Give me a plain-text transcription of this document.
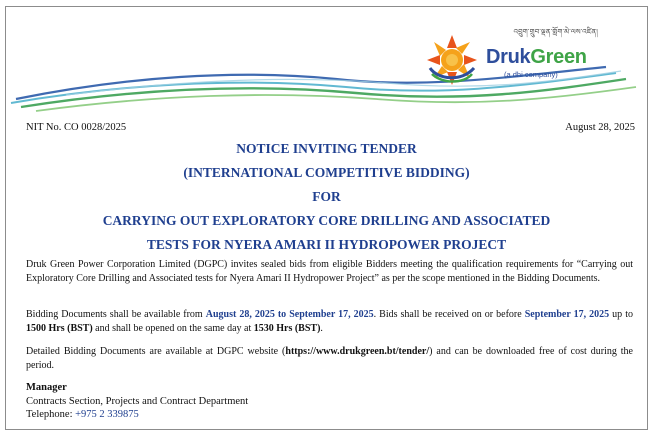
འབྲུག་གྲུབ་ལྡན་གློག་མེ་ལས་འཛིན།
DrukGreen
(a dhi company)
NIT No. CO 0028/2025	August 28, 2025
NOTICE INVITING TENDER
(INTERNATIONAL COMPETITIVE BIDDING)
FOR
CARRYING OUT EXPLORATORY CORE DRILLING AND ASSOCIATED
TESTS FOR NYERA AMARI II HYDROPOWER PROJECT
Druk Green Power Corporation Limited (DGPC) invites sealed bids from eligible Bidders meeting the qualification requirements for “Carrying out Exploratory Core Drilling and Associated tests for Nyera Amari II Hydropower Project” as per the scope mentioned in the Bidding Documents.
Bidding Documents shall be available from August 28, 2025 to September 17, 2025. Bids shall be received on or before September 17, 2025 up to 1500 Hrs (BST) and shall be opened on the same day at 1530 Hrs (BST).
Detailed Bidding Documents are available at DGPC website (https://www.drukgreen.bt/tender/) and can be downloaded free of cost during the period.
Manager
Contracts Section, Projects and Contract Department
Telephone: +975 2 339875
